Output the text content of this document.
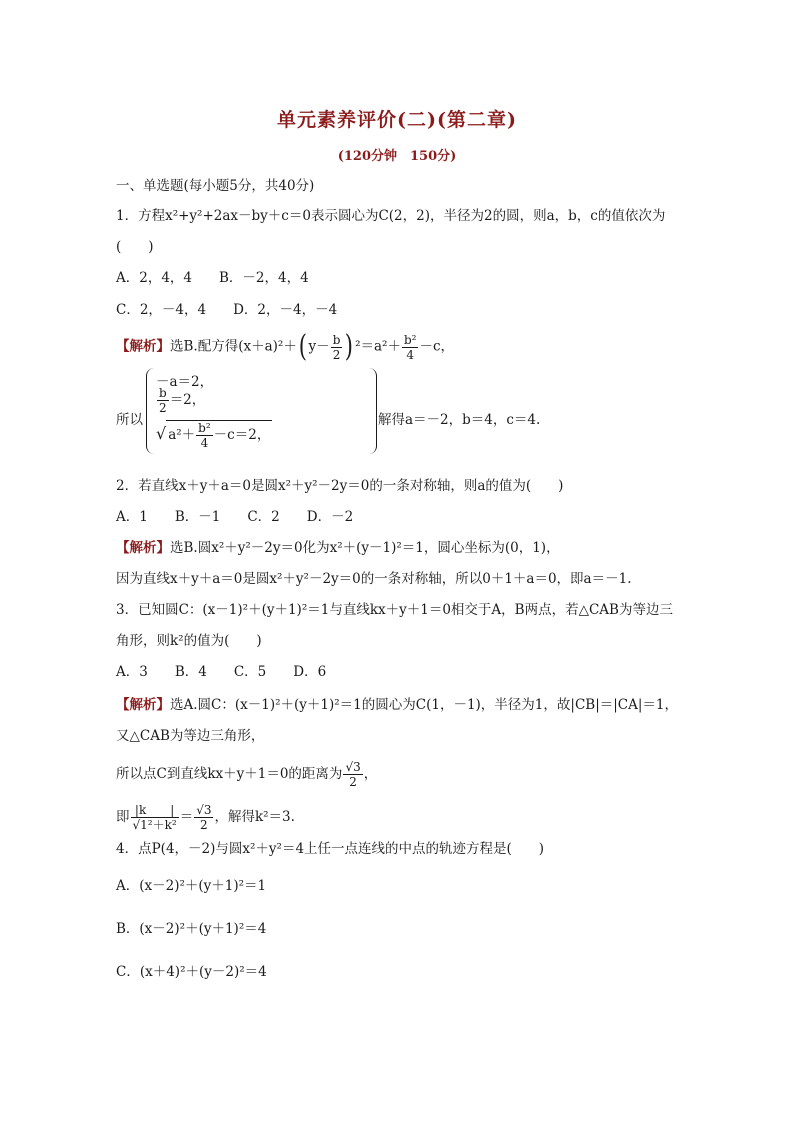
单元素养评价(二)(第二章)
(120分钟　150分)
一、单选题(每小题5分，共40分)
1．方程x²+y²+2ax－by＋c＝0表示圆心为C(2，2)，半径为2的圆，则a，b，c的值依次为
(　　)
A．2，4，4　　B．－2，4，4
C．2，－4，4　　D．2，－4，－4
【解析】选B.配方得(x＋a)²＋( $y- \frac{b}{2}$ ) $^2=a^2+ \frac{\text{b²}}{4} -c$，
所以
－a＝2，
$\frac{b}{2} =2$，
√ $a^2+ \frac{\text{b²}}{4} -c=2$，
解得a＝－2，b＝4，c＝4.
2．若直线x＋y＋a＝0是圆x²＋y²－2y＝0的一条对称轴，则a的值为(　　)
A．1　　B．－1　　C．2　　D．－2
【解析】选B.圆x²＋y²－2y＝0化为x²＋(y－1)²＝1，圆心坐标为(0，1)，
因为直线x＋y＋a＝0是圆x²＋y²－2y＝0的一条对称轴，所以0＋1＋a＝0，即a＝－1.
3．已知圆C：(x－1)²＋(y＋1)²＝1与直线kx＋y＋1＝0相交于A，B两点，若△CAB为等边三
角形，则k²的值为(　　)
A．3　　B．4　　C．5　　D．6
【解析】选A.圆C：(x－1)²＋(y＋1)²＝1的圆心为C(1，－1)，半径为1，故|CB|＝|CA|＝1，
又△CAB为等边三角形，
所以点C到直线kx＋y＋1＝0的距离为 $\frac{√3}{2}$ ，
即 $\frac{|k |}{\text{√1²＋k²}} = \frac{√3}{2}$ ，解得k²＝3.
4．点P(4，－2)与圆x²＋y²＝4上任一点连线的中点的轨迹方程是(　　)
A．(x－2)²＋(y＋1)²＝1
B．(x－2)²＋(y＋1)²＝4
C．(x＋4)²＋(y－2)²＝4
